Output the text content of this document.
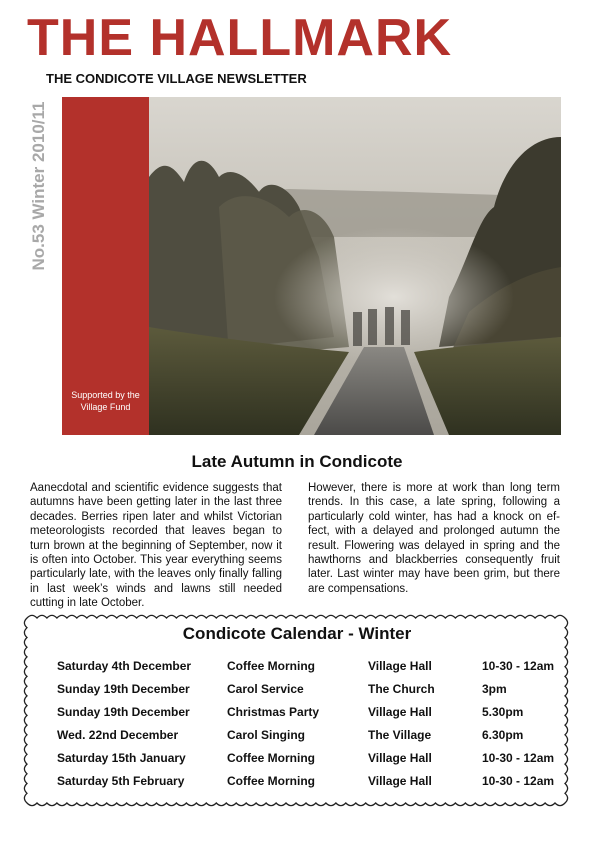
THE HALLMARK
THE CONDICOTE VILLAGE NEWSLETTER
No.53 Winter 2010/11
Supported by the Village Fund
Late Autumn in Condicote
Aanecdotal and scientific evidence suggests that autumns have been getting later in the last three decades. Berries ripen later and whilst Victorian meteorologists recorded that leaves began to turn brown at the beginning of September, now it is often into October. This year everything seems particularly late, with the leaves only finally falling in last week’s winds and lawns still needed cutting in late October.
However, there is more at work than long term trends. In this case, a late spring, following a particularly cold winter, has had a knock on effect, with a delayed and prolonged autumn the result. Flowering was delayed in spring and the hawthorns and blackberries consequently fruit later. Last winter may have been grim, but there are compensations.
Condicote Calendar - Winter
Saturday 4th December	Coffee Morning	Village Hall	10-30 - 12am
Sunday 19th December	Carol Service	The Church	3pm
Sunday 19th December	Christmas Party	Village Hall	5.30pm
Wed. 22nd December	Carol Singing	The Village	6.30pm
Saturday 15th January	Coffee Morning	Village Hall	10-30 - 12am
Saturday 5th February	Coffee Morning	Village Hall	10-30 - 12am
